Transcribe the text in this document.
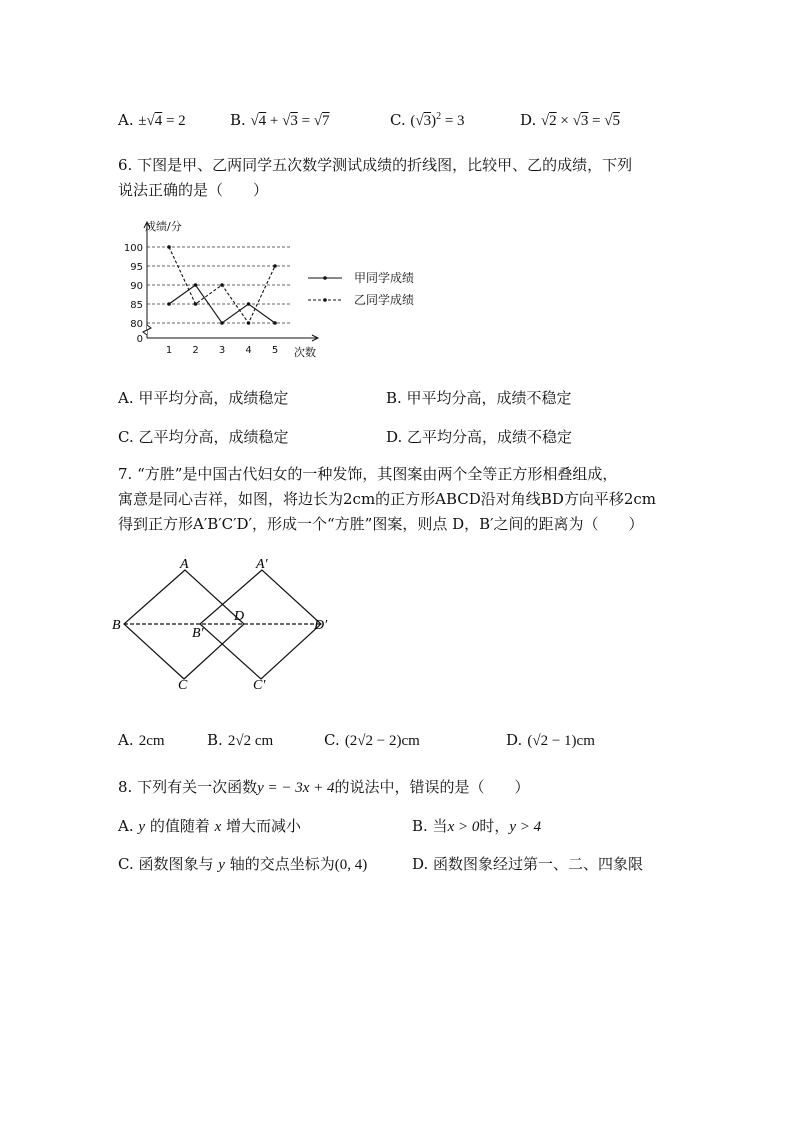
A. ±√4 = 2	B. √4 + √3 = √7	C. $(√3)^2 = 3$	D. √2 × √3 = √5
6. 下图是甲、乙两同学五次数学测试成绩的折线图，比较甲、乙的成绩，下列
说法正确的是（　　）
0
80
85
90
95
100
1 2 3 4 5
成绩/分
次数
甲同学成绩
乙同学成绩
A. 甲平均分高，成绩稳定	B. 甲平均分高，成绩不稳定
C. 乙平均分高，成绩稳定	D. 乙平均分高，成绩不稳定
7. “方胜”是中国古代妇女的一种发饰，其图案由两个全等正方形相叠组成，
寓意是同心吉祥，如图，将边长为2cm的正方形ABCD沿对角线BD方向平移2cm
得到正方形A′B′C′D′，形成一个“方胜”图案，则点 D，B′之间的距离为（　　）
A	A′
B
B′
D
D′
C	C′
A. 2cm	B. 2√2 cm	C. (2√2 − 2)cm	D. (√2 − 1)cm
8. 下列有关一次函数y = − 3x + 4的说法中，错误的是（　　）
A. y 的值随着 x 增大而减小	B. 当x > 0时，y > 4
C. 函数图象与 y 轴的交点坐标为(0, 4)	D. 函数图象经过第一、二、四象限
